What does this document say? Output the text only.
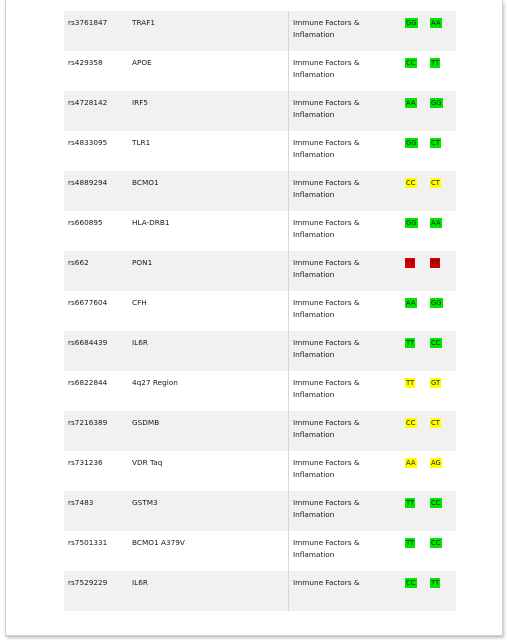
rs3761847	TRAF1	Immune Factors &
Inflamation
GG AA
rs429358	APOE	Immune Factors &
Inflamation
CC TT
rs4728142	IRF5	Immune Factors &
Inflamation
AA GG
rs4833095	TLR1	Immune Factors &
Inflamation
GG CT
rs4889294	BCMO1	Immune Factors &
Inflamation
CC CT
rs660895	HLA-DRB1	Immune Factors &
Inflamation
GG AA
rs662	PON1	Immune Factors &
Inflamation
TT TT
rs6677604	CFH	Immune Factors &
Inflamation
AA GG
rs6684439	IL6R	Immune Factors &
Inflamation
TT CC
rs6822844	4q27 Region	Immune Factors &
Inflamation
TT GT
rs7216389	GSDMB	Immune Factors &
Inflamation
CC CT
rs731236	VDR Taq	Immune Factors &
Inflamation
AA AG
rs7483	GSTM3	Immune Factors &
Inflamation
TT CC
rs7501331	BCMO1 A379V	Immune Factors &
Inflamation
TT CC
rs7529229	IL6R	Immune Factors &	CC TT
